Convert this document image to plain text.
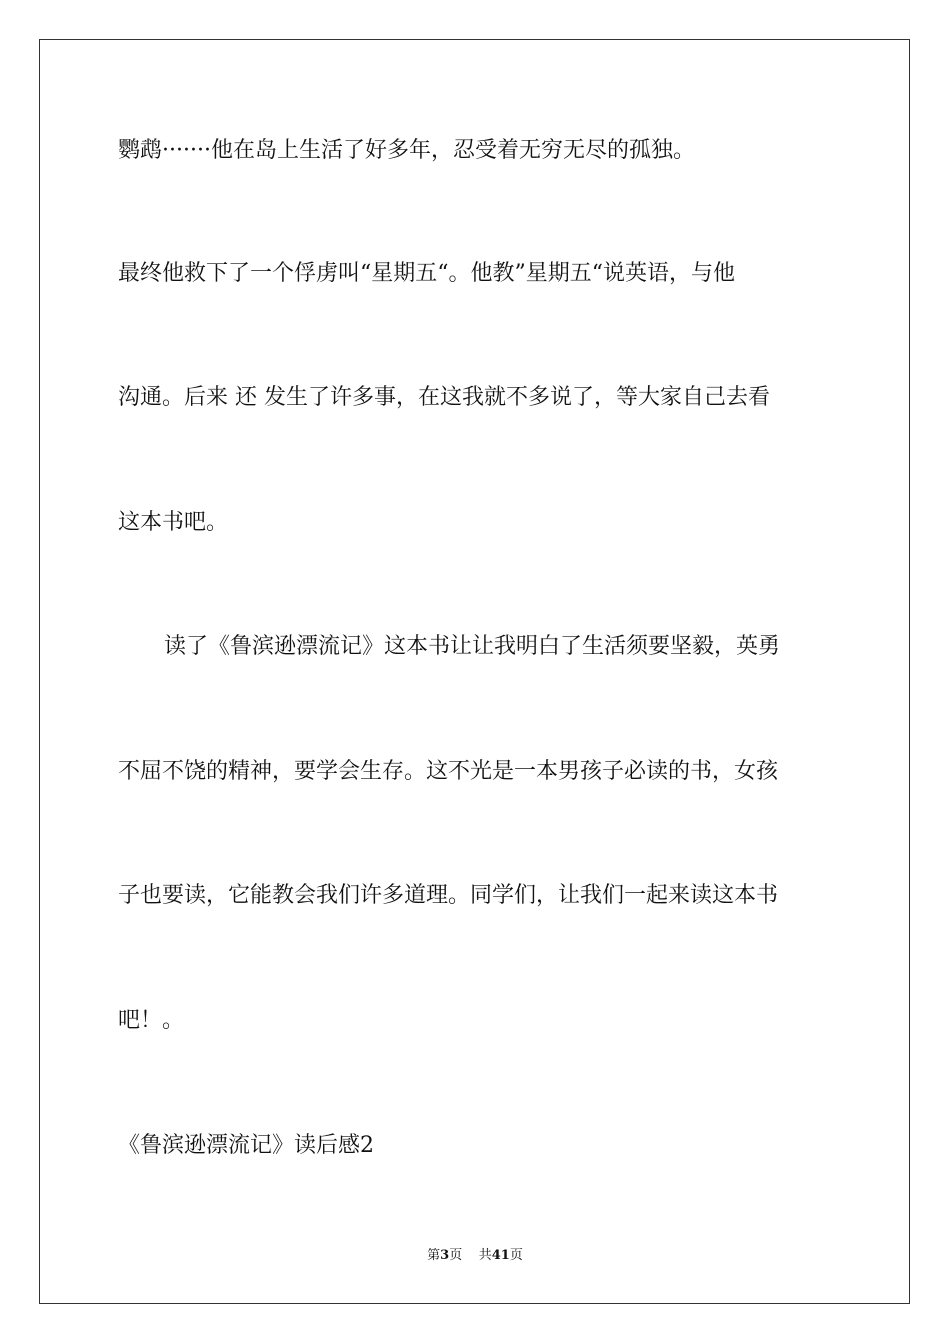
鹦鹉·······他在岛上生活了好多年，忍受着无穷无尽的孤独。
最终他救下了一个俘虏叫“星期五“。他教”星期五“说英语，与他
沟通。后来 还 发生了许多事，在这我就不多说了，等大家自己去看
这本书吧。
读了《鲁滨逊漂流记》这本书让让我明白了生活须要坚毅，英勇
不屈不饶的精神，要学会生存。这不光是一本男孩子必读的书，女孩
子也要读，它能教会我们许多道理。同学们，让我们一起来读这本书
吧！。
《鲁滨逊漂流记》读后感2
第3页 共41页
